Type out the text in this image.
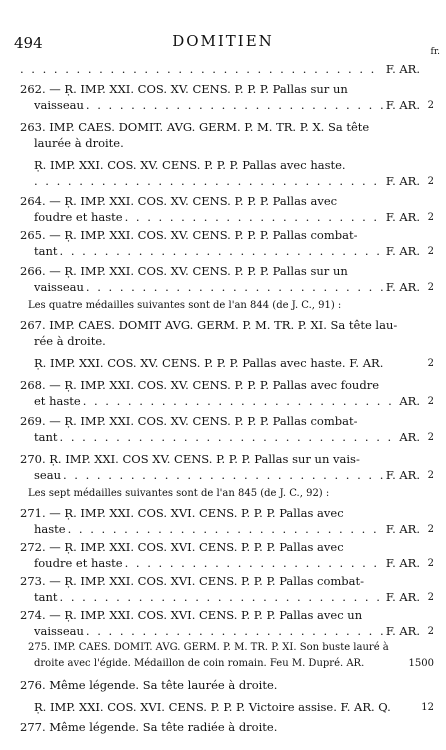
494	DOMITIEN
fr.
F. AR.
. . .
262. — Ṛ. IMP. XXI. COS. XV. CENS. P. P. P. Pallas sur un
vaisseau	F. AR. . . . 2
263. IMP. CAES. DOMIT. AVG. GERM. P. M. TR. P. X. Sa tête
laurée à droite.
Ṛ. IMP. XXI. COS. XV. CENS. P. P. P. Pallas avec haste.
F. AR. . . . 2
264. — Ṛ. IMP. XXI. COS. XV. CENS. P. P. P. Pallas avec
foudre et haste	F. AR. . . . 2
265. — Ṛ. IMP. XXI. COS. XV. CENS. P. P. P. Pallas combat-
tant	F. AR. . . . 2
266. — Ṛ. IMP. XXI. COS. XV. CENS. P. P. P. Pallas sur un
vaisseau	F. AR. . . . 2
Les quatre médailles suivantes sont de l'an 844 (de J. C., 91) :
267. IMP. CAES. DOMIT AVG. GERM. P. M. TR. P. XI. Sa tête lau-
rée à droite.
Ṛ. IMP. XXI. COS. XV. CENS. P. P. P. Pallas avec haste. F. AR.	2
268. — Ṛ. IMP. XXI. COS. XV. CENS. P. P. P. Pallas avec foudre
et haste	AR. . . . 2
269. — Ṛ. IMP. XXI. COS. XV. CENS. P. P. P. Pallas combat-
tant	AR. . . . 2
270. Ṛ. IMP. XXI. COS XV. CENS. P. P. P. Pallas sur un vais-
seau	F. AR. . . . 2
Les sept médailles suivantes sont de l'an 845 (de J. C., 92) :
271. — Ṛ. IMP. XXI. COS. XVI. CENS. P. P. P. Pallas avec
haste	F. AR. . . . 2
272. — Ṛ. IMP. XXI. COS. XVI. CENS. P. P. P. Pallas avec
foudre et haste	F. AR. . . . 2
273. — Ṛ. IMP. XXI. COS. XVI. CENS. P. P. P. Pallas combat-
tant	F. AR. . . . 2
274. — Ṛ. IMP. XXI. COS. XVI. CENS. P. P. P. Pallas avec un
vaisseau	F. AR. . . . 2
275. IMP. CAES. DOMIT. AVG. GERM. P. M. TR. P. XI. Son buste lauré à
droite avec l'égide. Médaillon de coin romain. Feu M. Dupré. AR.	1500
276. Même légende. Sa tête laurée à droite.
Ṛ. IMP. XXI. COS. XVI. CENS. P. P. P. Victoire assise. F. AR. Q.	12
277. Même légende. Sa tête radiée à droite.
